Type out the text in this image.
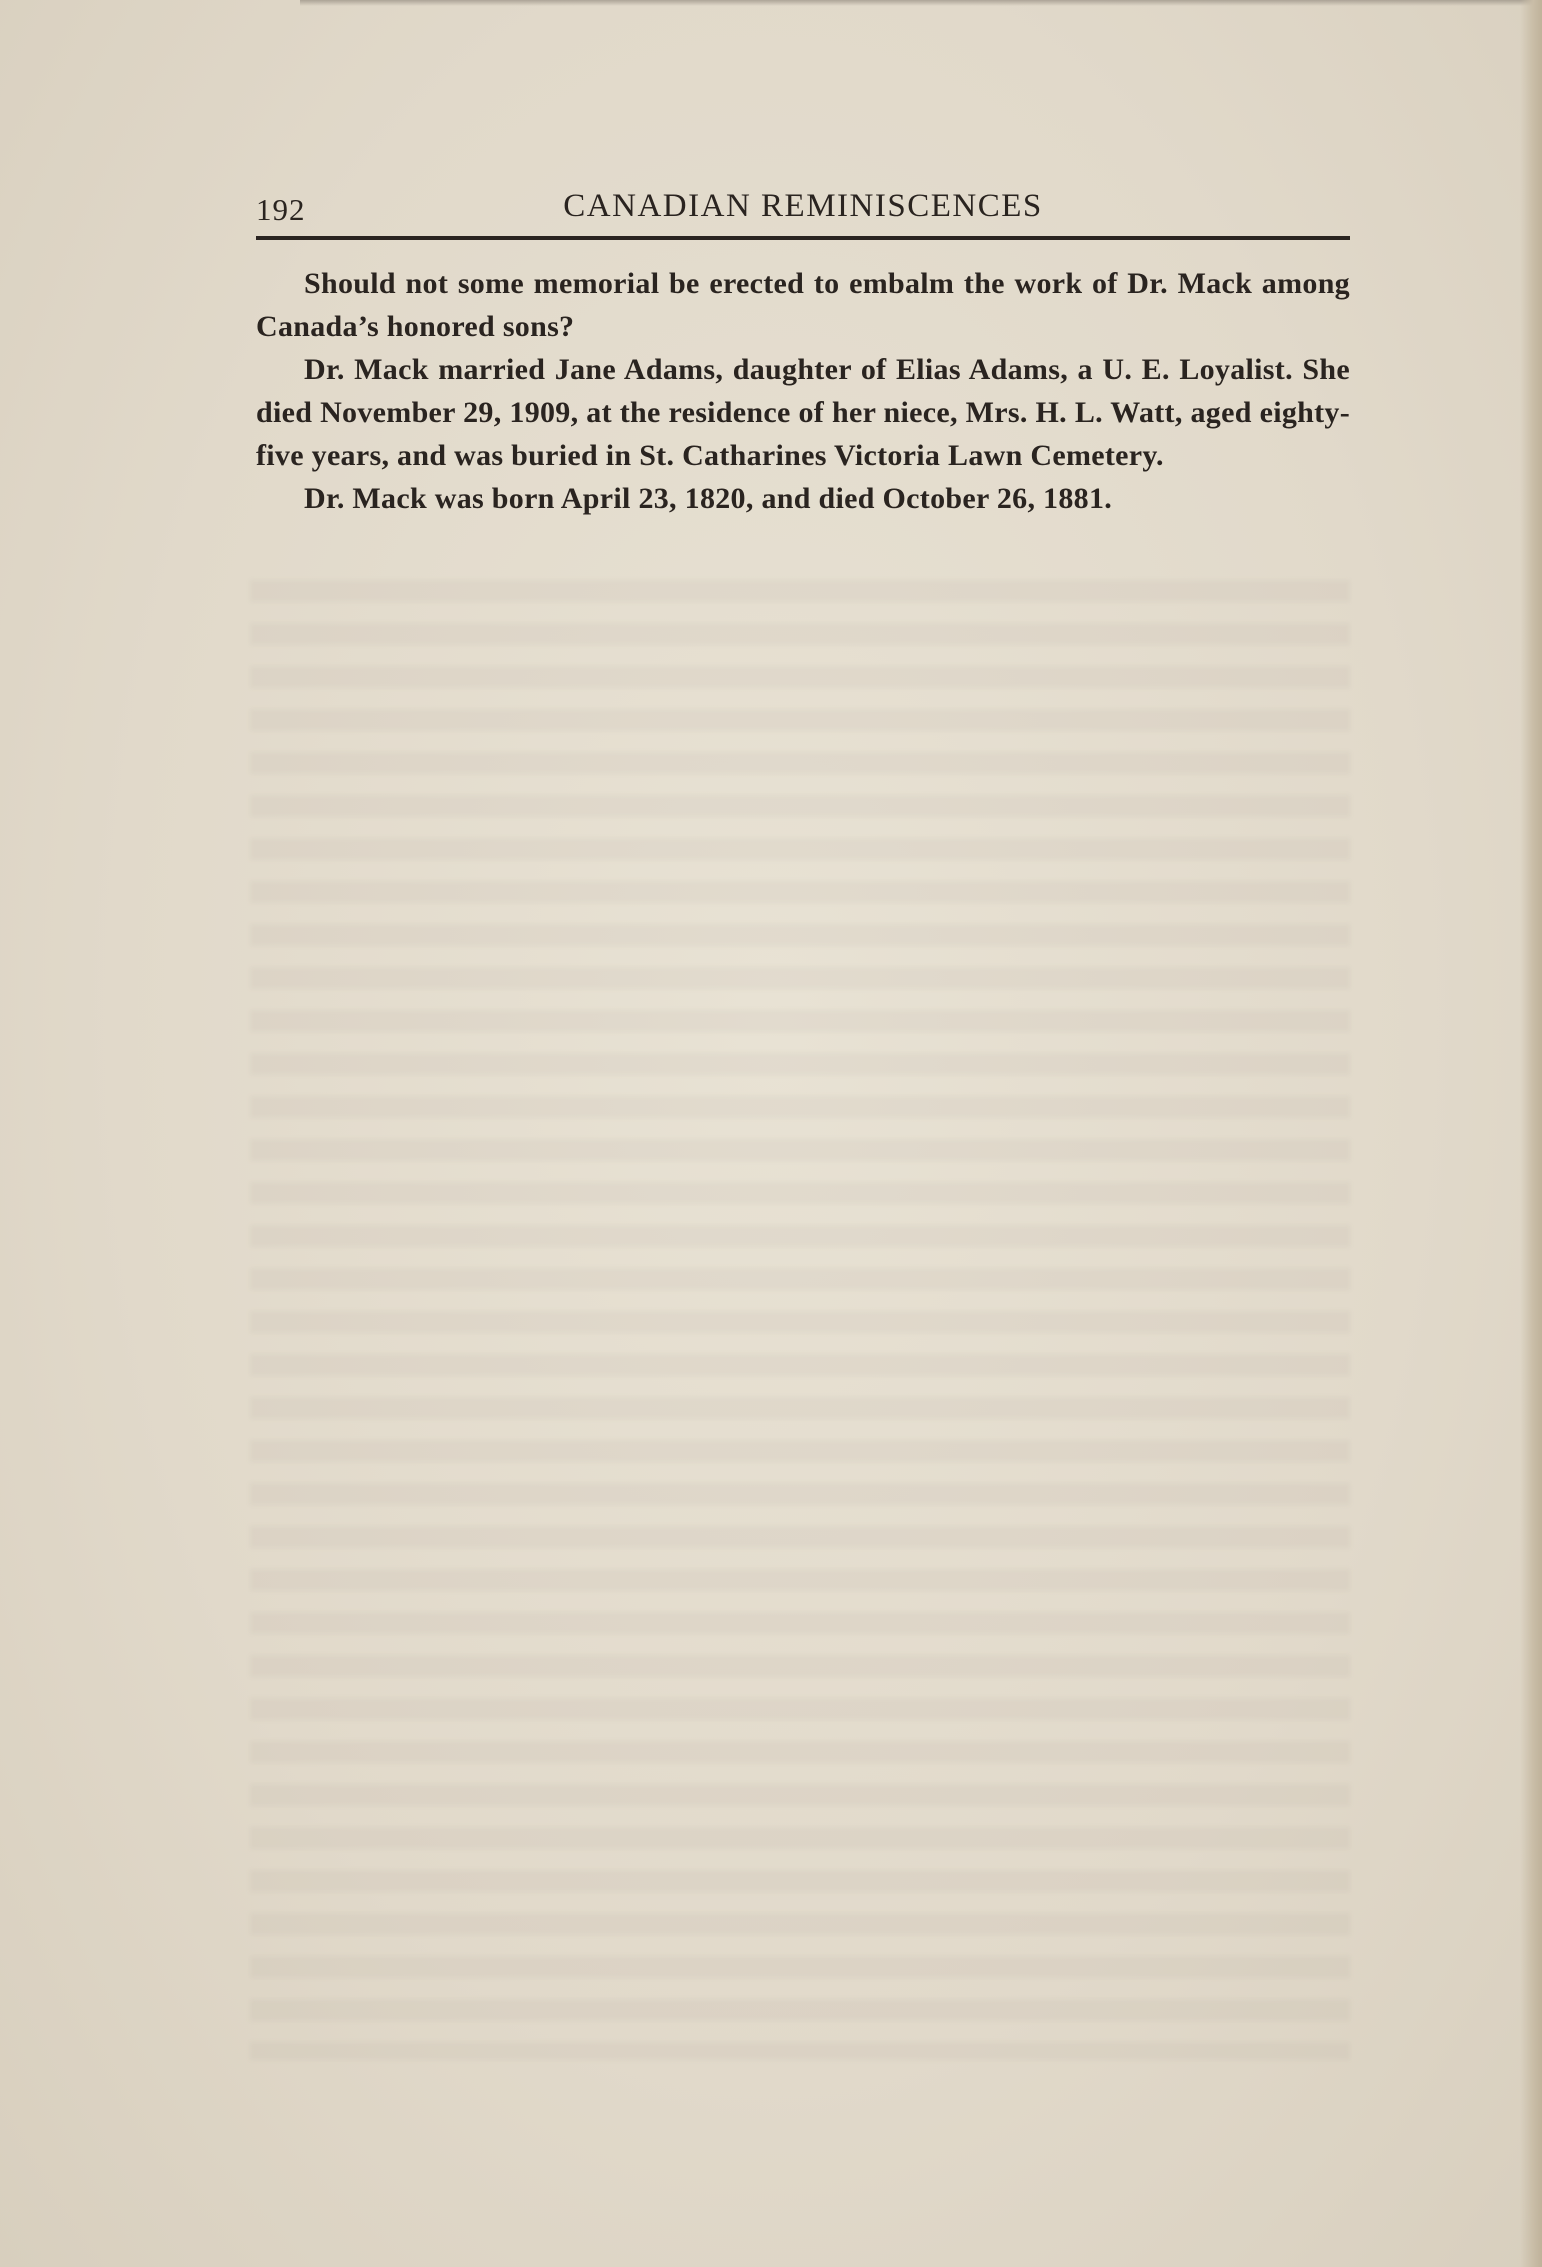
192	CANADIAN REMINISCENCES

Should not some memorial be erected to embalm the work of Dr. Mack among Canada’s honored sons?

Dr. Mack married Jane Adams, daughter of Elias Adams, a U. E. Loyalist. She died November 29, 1909, at the residence of her niece, Mrs. H. L. Watt, aged eighty-five years, and was buried in St. Catharines Victoria Lawn Cemetery.

Dr. Mack was born April 23, 1820, and died October 26, 1881.
